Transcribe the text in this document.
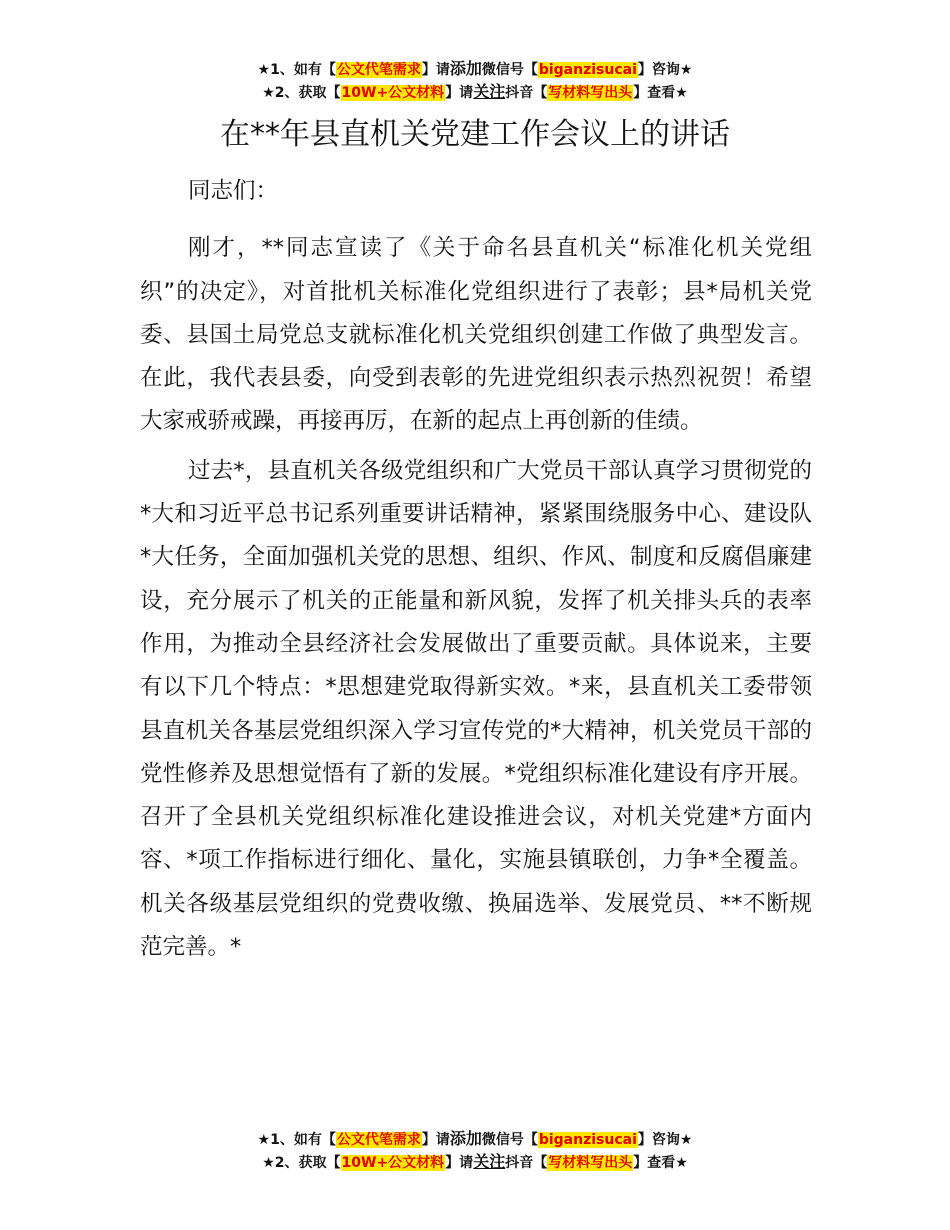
★1、如有【公文代笔需求】请添加微信号【biganzisucai】咨询★
★2、获取【10W+公文材料】请关注抖音【写材料写出头】查看★
在**年县直机关党建工作会议上的讲话

同志们：

刚才，**同志宣读了《关于命名县直机关“标准化机关党组织”的决定》，对首批机关标准化党组织进行了表彰；县*局机关党委、县国土局党总支就标准化机关党组织创建工作做了典型发言。在此，我代表县委，向受到表彰的先进党组织表示热烈祝贺！希望大家戒骄戒躁，再接再厉，在新的起点上再创新的佳绩。

过去*，县直机关各级党组织和广大党员干部认真学习贯彻党的*大和习近平总书记系列重要讲话精神，紧紧围绕服务中心、建设队*大任务，全面加强机关党的思想、组织、作风、制度和反腐倡廉建设，充分展示了机关的正能量和新风貌，发挥了机关排头兵的表率作用，为推动全县经济社会发展做出了重要贡献。具体说来，主要有以下几个特点：*思想建党取得新实效。*来，县直机关工委带领县直机关各基层党组织深入学习宣传党的*大精神，机关党员干部的党性修养及思想觉悟有了新的发展。*党组织标准化建设有序开展。召开了全县机关党组织标准化建设推进会议，对机关党建*方面内容、*项工作指标进行细化、量化，实施县镇联创，力争*全覆盖。机关各级基层党组织的党费收缴、换届选举、发展党员、**不断规范完善。*

★1、如有【公文代笔需求】请添加微信号【biganzisucai】咨询★
★2、获取【10W+公文材料】请关注抖音【写材料写出头】查看★
